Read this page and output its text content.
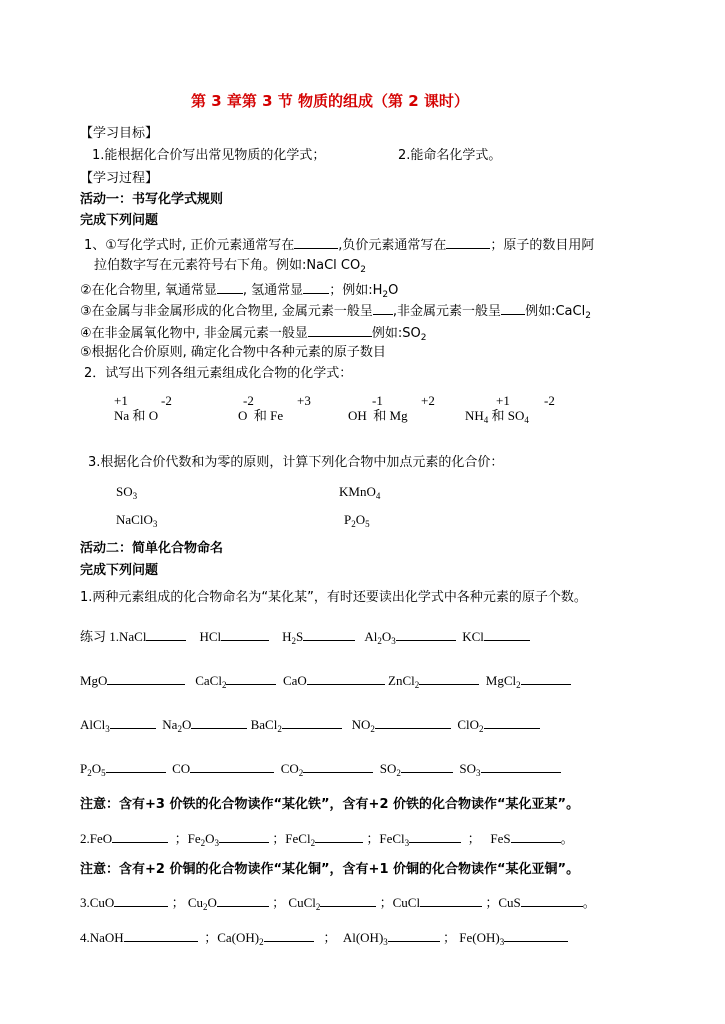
第 3 章第 3 节 物质的组成（第 2 课时）
【学习目标】
1.能根据化合价写出常见物质的化学式；	2.能命名化学式。
【学习过程】
活动一：书写化学式规则
完成下列问题
1、①写化学式时, 正价元素通常写在	,负价元素通常写在	；原子的数目用阿
拉伯数字写在元素符号右下角。例如:NaCl $CO_2$
②在化合物里, 氧通常显 , 氢通常显 ；例如$:H_2O$
③在金属与非金属形成的化合物里, 金属元素一般呈 ,非金属元素一般呈 例如:CaCl$_2$
④在非金属氧化物中, 非金属元素一般显	例如$:SO_2$
⑤根据化合价原则, 确定化合物中各种元素的原子数目
2．试写出下列各组元素组成化合物的化学式：
+1	-2	-2	+3	-1	+2	+1	-2
Na 和 O	O 和 Fe	OH 和 Mg	$NH_4$ 和 $SO_4$
3.根据化合价代数和为零的原则，计算下列化合物中加点元素的化合价：
$SO_3$	KMnO$_4$
NaClO$_3$	$P_2O_5$
活动二：简单化合物命名
完成下列问题
1.两种元素组成的化合物命名为“某化某”，有时还要读出化学式中各种元素的原子个数。
练习 1.NaCl	HCl	$H_2S$	$Al_2O_3$	KCl
MgO	CaCl$_2$	CaO	ZnCl$_2$	MgCl$_2$
AlCl$_3$	$Na_2O$	BaCl$_2$	$NO_2$	ClO$_2$
$P_2O_5$	CO	$CO_2$	$SO_2$	$SO_3$
注意：含有+3 价铁的化合物读作“某化铁”，含有+2 价铁的化合物读作“某化亚某”。
2.FeO	；$Fe_2O_3$	；FeCl$_2$	；FeCl$_3$	； FeS	。
注意：含有+2 价铜的化合物读作“某化铜”，含有+1 价铜的化合物读作“某化亚铜”。
3.CuO	； $Cu_2O$	； CuCl$_2$	；CuCl	；CuS	。
4.NaOH	；$Ca(OH)_2$	； $Al(OH)_3$	； $Fe(OH)_3$
